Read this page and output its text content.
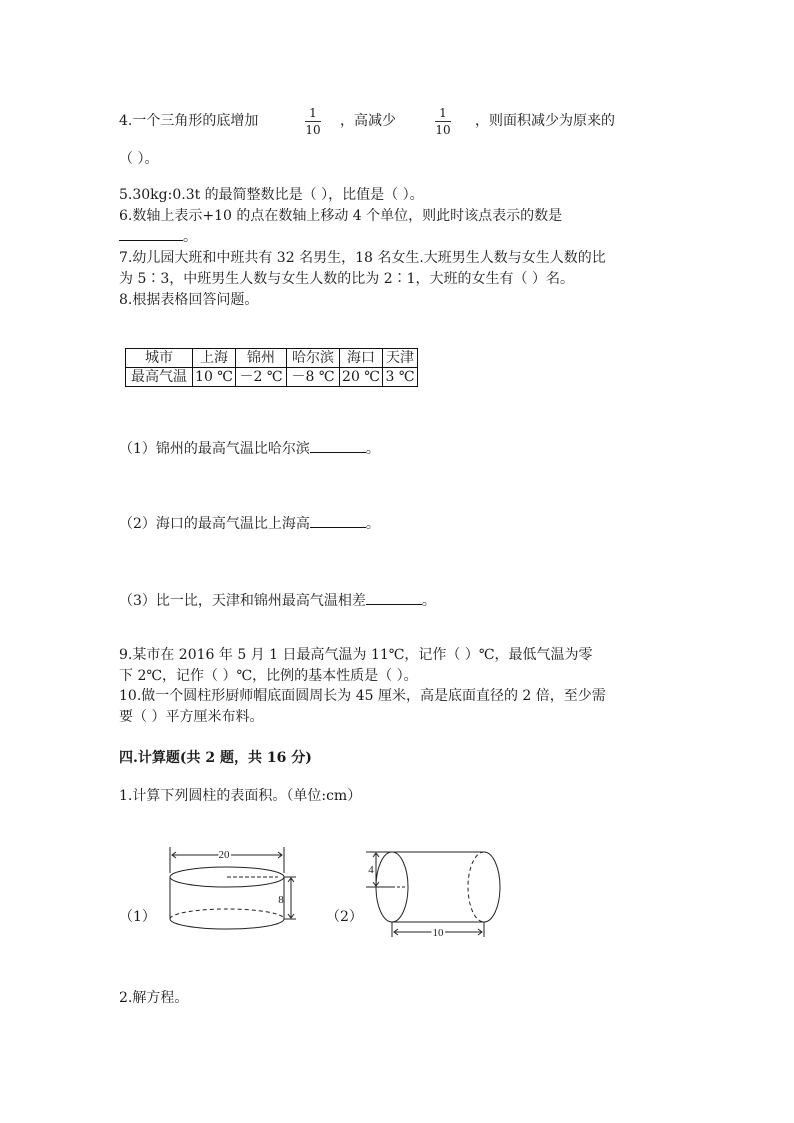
4.一个三角形的底增加	1
10
，高减少	1
10
，则面积减少为原来的
（ ）。
5.30kg:0.3t 的最简整数比是（ ），比值是（ ）。
6.数轴上表示+10 的点在数轴上移动 4 个单位，则此时该点表示的数是
。
7.幼儿园大班和中班共有 32 名男生，18 名女生.大班男生人数与女生人数的比
为 5∶3，中班男生人数与女生人数的比为 2∶1，大班的女生有（ ）名。
8.根据表格回答问题。
城市	上海	锦州	哈尔滨	海口	天津
最高气温	10 ℃	－2 ℃	－8 ℃	20 ℃	3 ℃
（1）锦州的最高气温比哈尔滨	。
（2）海口的最高气温比上海高	。
（3）比一比，天津和锦州最高气温相差	。
9.某市在 2016 年 5 月 1 日最高气温为 11℃，记作（ ）℃，最低气温为零
下 2℃，记作（ ）℃，比例的基本性质是（ ）。
10.做一个圆柱形厨师帽底面圆周长为 45 厘米，高是底面直径的 2 倍，至少需
要（ ）平方厘米布料。
四.计算题(共 2 题，共 16 分)
1.计算下列圆柱的表面积。（单位:cm）
（1）
20
8
（2）
4
10
2.解方程。
